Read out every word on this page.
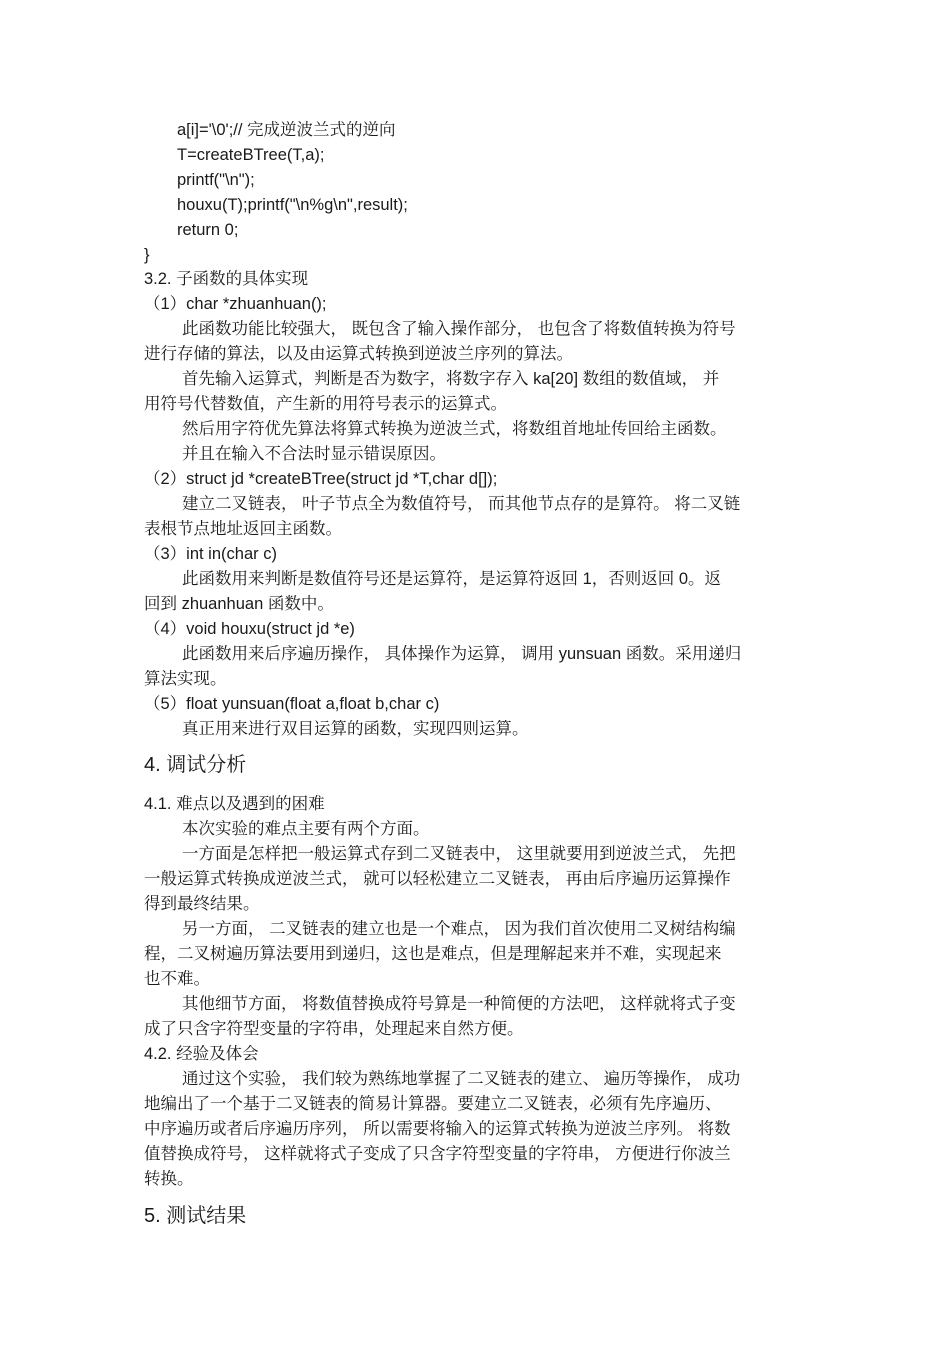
a[i]='\0';// 完成逆波兰式的逆向
T=createBTree(T,a);
printf("\n");
houxu(T);printf("\n%g\n",result);
return 0;
}
3.2. 子函数的具体实现
（1）char *zhuanhuan();
此函数功能比较强大， 既包含了输入操作部分， 也包含了将数值转换为符号
进行存储的算法，以及由运算式转换到逆波兰序列的算法。
首先输入运算式，判断是否为数字，将数字存入 ka[20] 数组的数值域， 并
用符号代替数值，产生新的用符号表示的运算式。
然后用字符优先算法将算式转换为逆波兰式，将数组首地址传回给主函数。
并且在输入不合法时显示错误原因。
（2）struct jd *createBTree(struct jd *T,char d[]);
建立二叉链表， 叶子节点全为数值符号， 而其他节点存的是算符。 将二叉链
表根节点地址返回主函数。
（3）int in(char c)
此函数用来判断是数值符号还是运算符，是运算符返回 1，否则返回 0。返
回到 zhuanhuan 函数中。
（4）void houxu(struct jd *e)
此函数用来后序遍历操作， 具体操作为运算， 调用 yunsuan 函数。采用递归
算法实现。
（5）float yunsuan(float a,float b,char c)
真正用来进行双目运算的函数，实现四则运算。
4. 调试分析
4.1. 难点以及遇到的困难
本次实验的难点主要有两个方面。
一方面是怎样把一般运算式存到二叉链表中， 这里就要用到逆波兰式， 先把
一般运算式转换成逆波兰式， 就可以轻松建立二叉链表， 再由后序遍历运算操作
得到最终结果。
另一方面， 二叉链表的建立也是一个难点， 因为我们首次使用二叉树结构编
程，二叉树遍历算法要用到递归，这也是难点，但是理解起来并不难，实现起来
也不难。
其他细节方面， 将数值替换成符号算是一种简便的方法吧， 这样就将式子变
成了只含字符型变量的字符串，处理起来自然方便。
4.2. 经验及体会
通过这个实验， 我们较为熟练地掌握了二叉链表的建立、 遍历等操作， 成功
地编出了一个基于二叉链表的简易计算器。要建立二叉链表，必须有先序遍历、
中序遍历或者后序遍历序列， 所以需要将输入的运算式转换为逆波兰序列。 将数
值替换成符号， 这样就将式子变成了只含字符型变量的字符串， 方便进行你波兰
转换。
5. 测试结果
